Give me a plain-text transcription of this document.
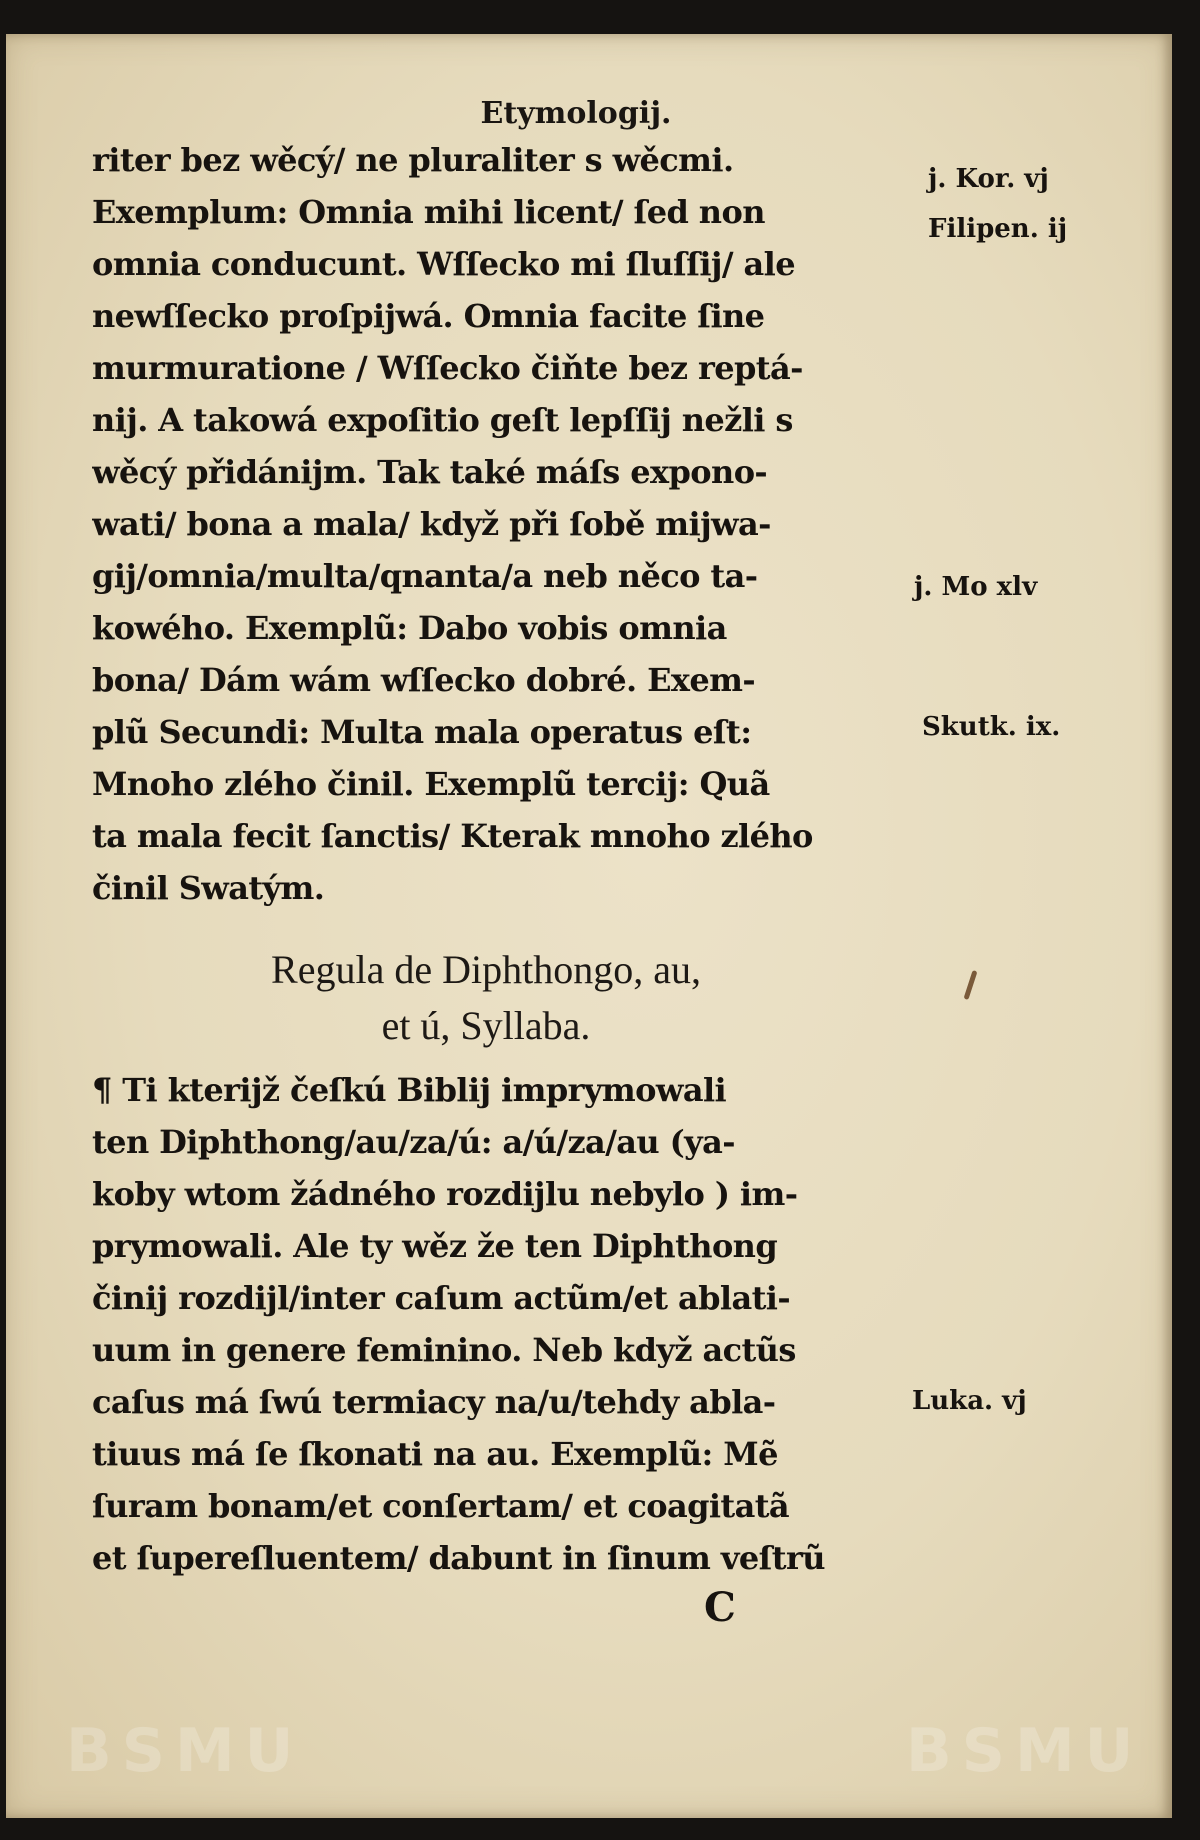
Etymologij.
riter bez wěcý/ ne pluraliter s wěcmi.
Exemplum: Omnia mihi licent/ ſed non
omnia conducunt. Wſſecko mi ſluſſij/ ale
newſſecko proſpijwá. Omnia facite ſine
murmuratione / Wſſecko čiňte bez reptá-
nij. A takowá expoſitio geſt lepſſij nežli s
wěcý přidánijm. Tak také máſs expono-
wati/ bona a mala/ když při ſobě mijwa-
gij/omnia/multa/qnanta/a neb něco ta-
kowého. Exemplũ: Dabo vobis omnia
bona/ Dám wám wſſecko dobré. Exem-
plũ Secundi: Multa mala operatus eſt:
Mnoho zlého činil. Exemplũ tercij: Quã
ta mala fecit ſanctis/ Kterak mnoho zlého
činil Swatým.
Regula de Diphthongo, au,
et ú, Syllaba.
¶ Ti kterijž čeſkú Biblij imprymowali
ten Diphthong/au/za/ú: a/ú/za/au (ya-
koby wtom žádného rozdijlu nebylo ) im-
prymowali. Ale ty wěz že ten Diphthong
činij rozdijl/inter caſum actũm/et ablati-
uum in genere feminino. Neb když actũs
caſus má ſwú termiacy na/u/tehdy abla-
tiuus má ſe ſkonati na au. Exemplũ: Mẽ
ſuram bonam/et conſertam/ et coagitatã
et ſupereſluentem/ dabunt in ſinum veſtrũ
C
j. Kor. vj
Filipen. ij
j. Mo xlv
Skutk. ix.
Luka. vj
BSMU	BSMU
